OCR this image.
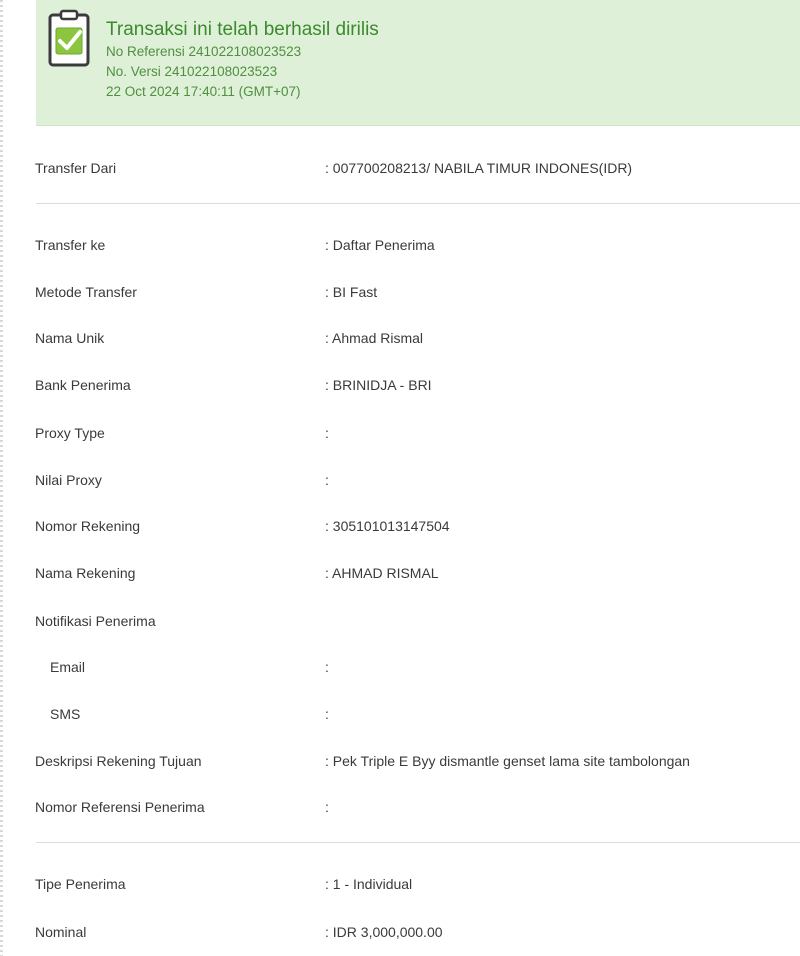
Transaksi ini telah berhasil dirilis
No Referensi 241022108023523
No. Versi 241022108023523
22 Oct 2024 17:40:11 (GMT+07)
Transfer Dari	: 007700208213/ NABILA TIMUR INDONES(IDR)
Transfer ke	: Daftar Penerima
Metode Transfer	: BI Fast
Nama Unik	: Ahmad Rismal
Bank Penerima	: BRINIDJA - BRI
Proxy Type	:
Nilai Proxy	:
Nomor Rekening	: 305101013147504
Nama Rekening	: AHMAD RISMAL
Notifikasi Penerima
Email	:
SMS	:
Deskripsi Rekening Tujuan	: Pek Triple E Byy dismantle genset lama site tambolongan
Nomor Referensi Penerima	:
Tipe Penerima	: 1 - Individual
Nominal	: IDR 3,000,000.00
